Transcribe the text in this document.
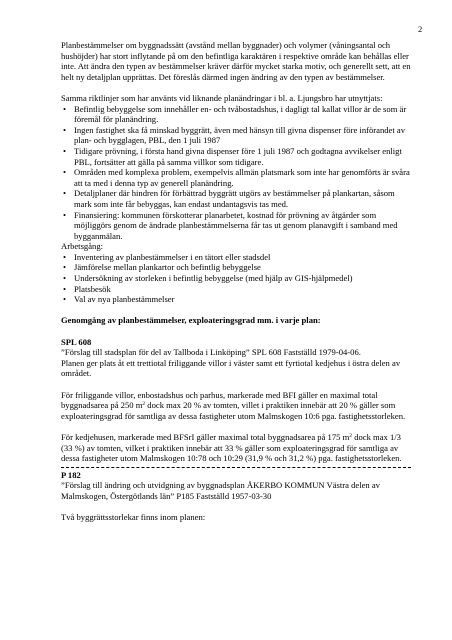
2

Planbestämmelser om byggnadssätt (avstånd mellan byggnader) och volymer (våningsantal och hushöjder) har stort inflytande på om den befintliga karaktären i respektive område kan behållas eller inte. Att ändra den typen av bestämmelser kräver därför mycket starka motiv, och generellt sett, att en helt ny detaljplan upprättas. Det föreslås därmed ingen ändring av den typen av bestämmelser.

Samma riktlinjer som har använts vid liknande planändringar i bl. a. Ljungsbro har utnyttjats:

• Befintlig bebyggelse som innehåller en- och tvåbostadshus, i dagligt tal kallat villor är de som är föremål för planändring.
• Ingen fastighet ska få minskad byggrätt, även med hänsyn till givna dispenser före införandet av plan- och bygglagen, PBL, den 1 juli 1987
• Tidigare prövning, i första hand givna dispenser före 1 juli 1987 och godtagna avvikelser enligt PBL, fortsätter att gälla på samma villkor som tidigare.
• Områden med komplexa problem, exempelvis allmän platsmark som inte har genomförts är svåra att ta med i denna typ av generell planändring.
• Detaljplaner där hindren för förbättrad byggrätt utgörs av bestämmelser på plankartan, såsom mark som inte får bebyggas, kan endast undantagsvis tas med.
• Finansiering: kommunen förskotterar planarbetet, kostnad för prövning av åtgärder som möjliggörs genom de ändrade planbestämmelserna får tas ut genom planavgift i samband med bygganmälan.

Arbetsgång:

• Inventering av planbestämmelser i en tätort eller stadsdel
• Jämförelse mellan plankartor och befintlig bebyggelse
• Undersökning av storleken i befintlig bebyggelse (med hjälp av GIS-hjälpmedel)
• Platsbesök
• Val av nya planbestämmelser

Genomgång av planbestämmelser, exploateringsgrad mm. i varje plan:

SPL 608

”Förslag till stadsplan för del av Tallboda i Linköping” SPL 608 Fastställd 1979-04-06.

Planen ger plats åt ett trettiotal friliggande villor i väster samt ett fyrtiotal kedjehus i östra delen av området.

För friliggande villor, enbostadshus och parhus, markerade med BFI gäller en maximal total byggnadsarea på 250 $m^2$ dock max 20 % av tomten, villet i praktiken innebär att 20 % gäller som exploateringsgrad för samtliga av dessa fastigheter utom Malmskogen 10:6 pga. fastighetsstorleken.

För kedjehusen, markerade med BFSrI gäller maximal total byggnadsarea på 175 $m^2$ dock max 1/3 (33 %) av tomten, vilket i praktiken innebär att 33 % gäller som exploateringsgrad för samtliga av dessa fastigheter utom Malmskogen 10:78 och 10:29 (31,9 % och 31,2 %) pga. fastighetsstorleken.

P 182

”Förslag till ändring och utvidgning av byggnadsplan ÅKERBO KOMMUN Västra delen av Malmskogen, Östergötlands län” P185 Fastställd 1957-03-30

Två byggrättsstorlekar finns inom planen:
